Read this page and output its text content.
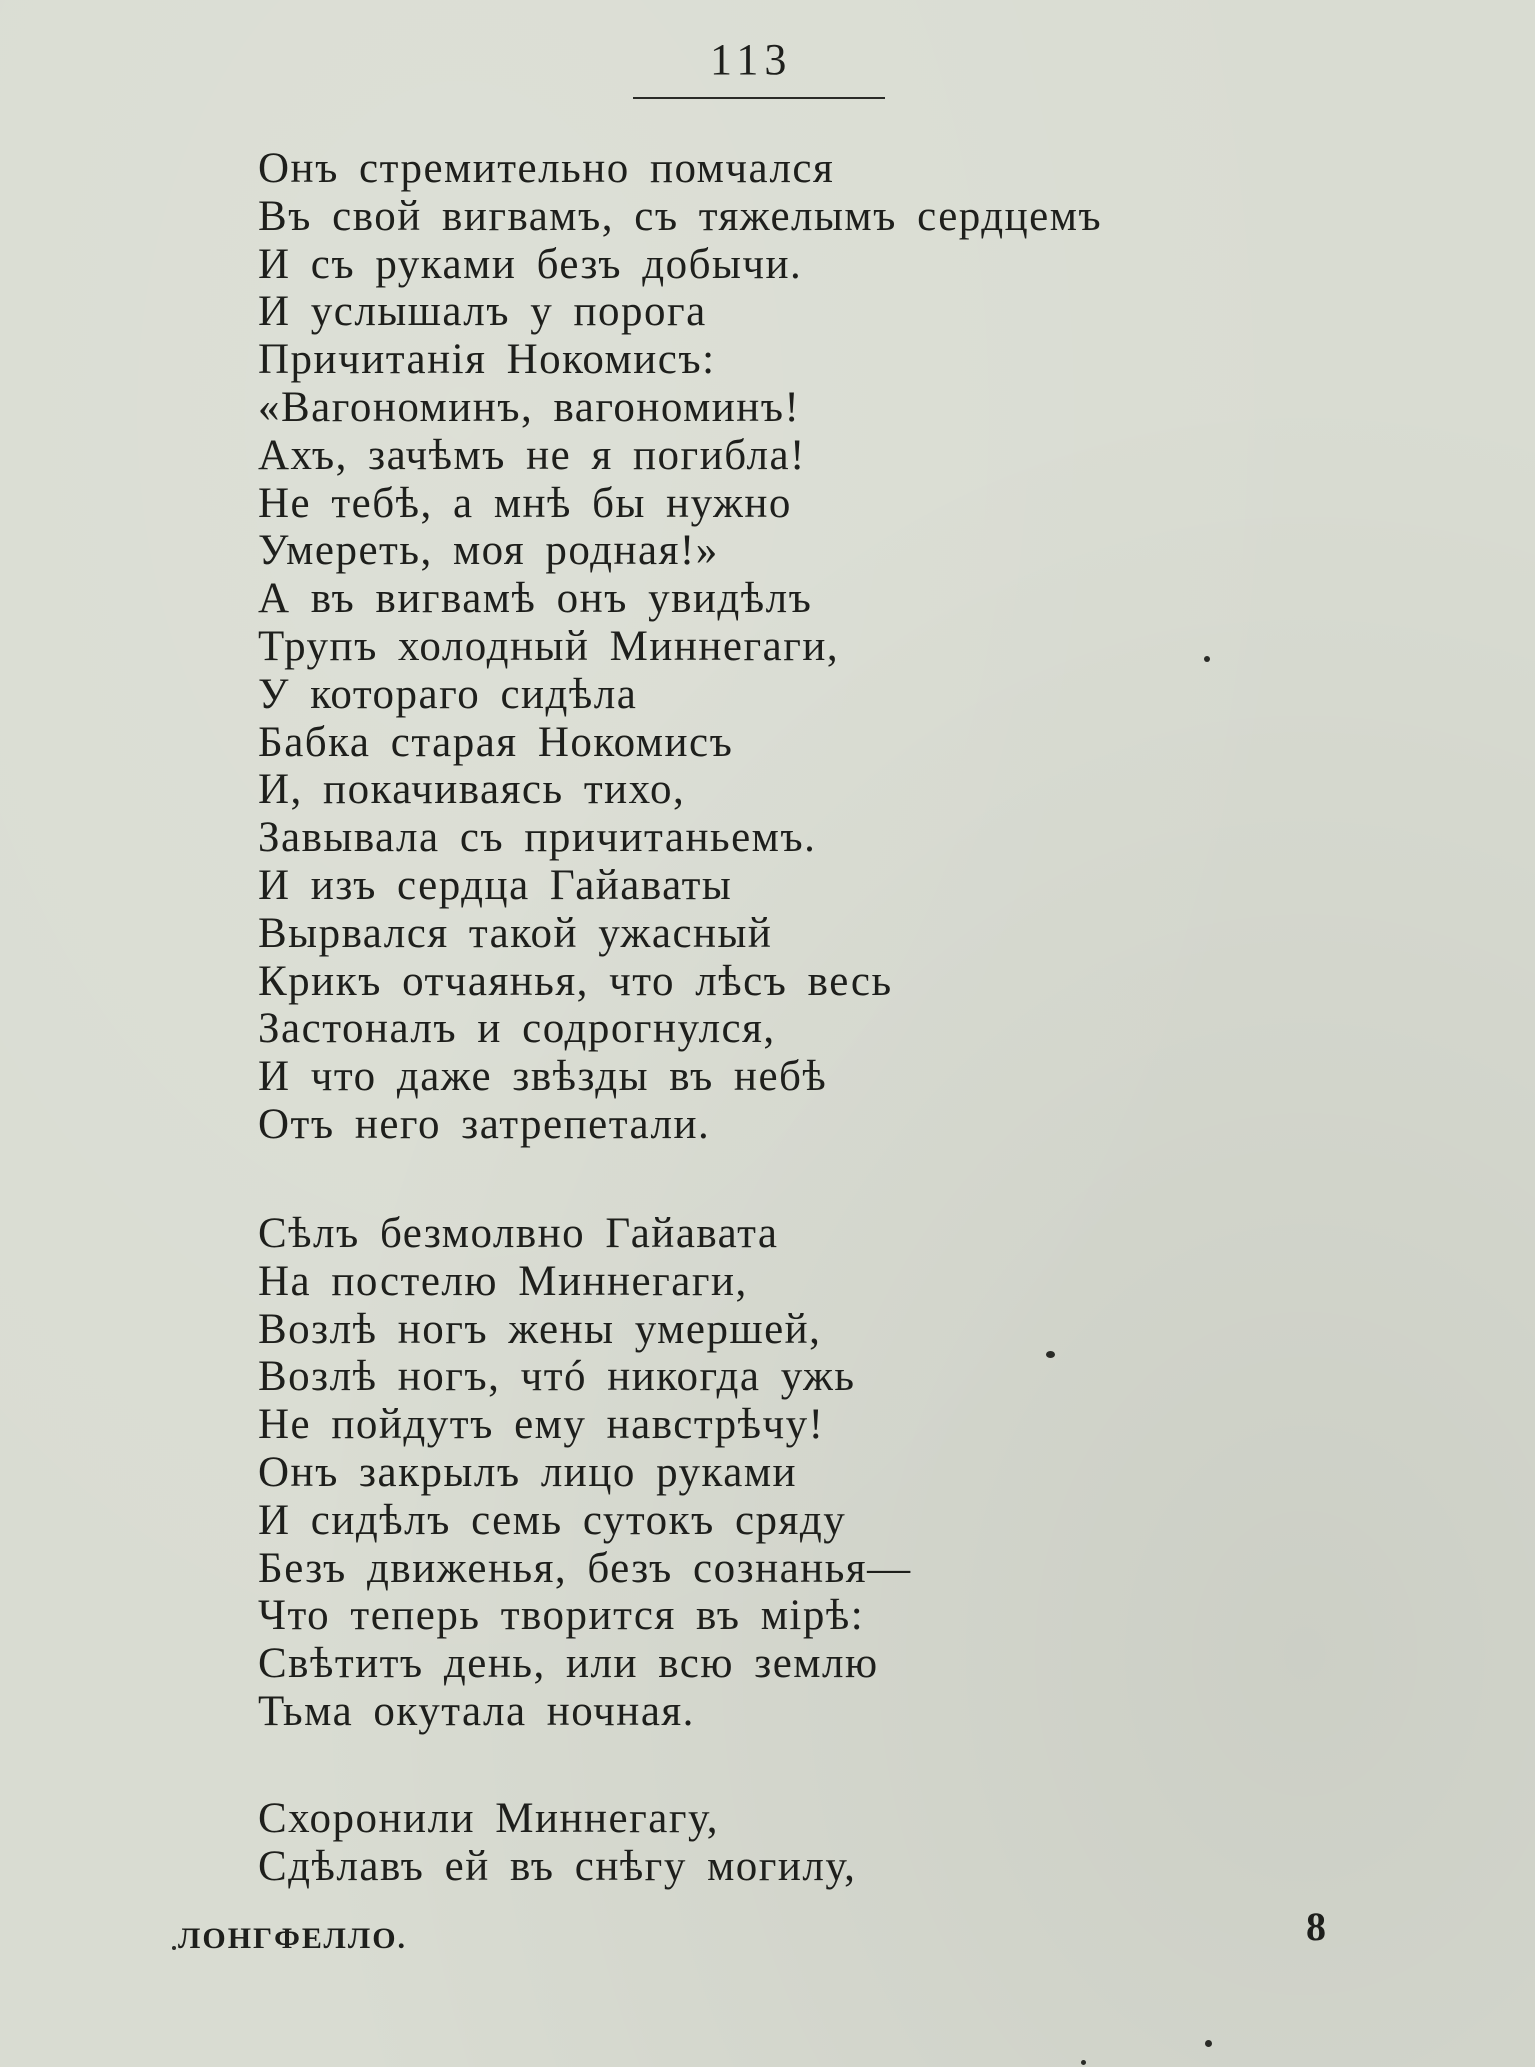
113
Онъ стремительно помчался
Въ свой вигвамъ, съ тяжелымъ сердцемъ
И съ руками безъ добычи.
И услышалъ у порога
Причитанія Нокомисъ:
«Вагономинъ, вагономинъ!
Ахъ, зачѣмъ не я погибла!
Не тебѣ, а мнѣ бы нужно
Умереть, моя родная!»
А въ вигвамѣ онъ увидѣлъ
Трупъ холодный Миннегаги,
У котораго сидѣла
Бабка старая Нокомисъ
И, покачиваясь тихо,
Завывала съ причитаньемъ.
И изъ сердца Гайаваты
Вырвался такой ужасный
Крикъ отчаянья, что лѣсъ весь
Застоналъ и содрогнулся,
И что даже звѣзды въ небѣ
Отъ него затрепетали.
Сѣлъ безмолвно Гайавата
На постелю Миннегаги,
Возлѣ ногъ жены умершей,
Возлѣ ногъ, чтó никогда ужь
Не пойдутъ ему навстрѣчу!
Онъ закрылъ лицо руками
И сидѣлъ семь сутокъ сряду
Безъ движенья, безъ сознанья—
Что теперь творится въ мірѣ:
Свѣтитъ день, или всю землю
Тьма окутала ночная.
Схоронили Миннегагу,
Сдѣлавъ ей въ снѣгу могилу,
ЛОНГФЕЛЛО.	8
